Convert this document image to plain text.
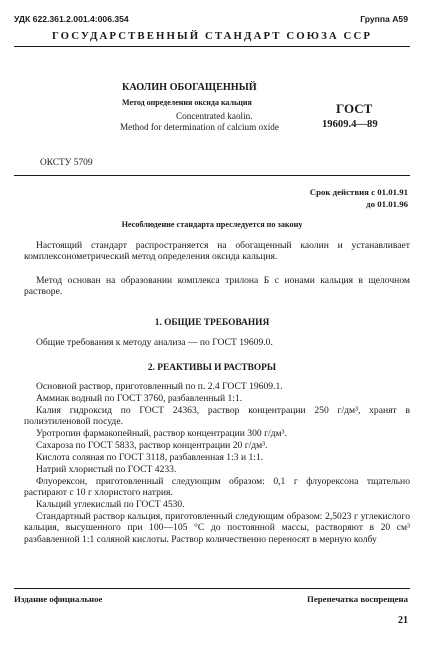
УДК 622.361.2.001.4:006.354	Группа А59
ГОСУДАРСТВЕННЫЙ СТАНДАРТ СОЮЗА ССР
КАОЛИН ОБОГАЩЕННЫЙ
Метод определения оксида кальция
Concentrated kaolin.
Method for determination of calcium oxide
ГОСТ
19609.4—89
ОКСТУ 5709
Срок действия с 01.01.91
до 01.01.96
Несоблюдение стандарта преследуется по закону
Настоящий стандарт распространяется на обогащенный каолин и устанавливает комплексонометрический метод определения оксида кальция.
Метод основан на образовании комплекса трилона Б с ионами кальция в щелочном растворе.
1. ОБЩИЕ ТРЕБОВАНИЯ
Общие требования к методу анализа — по ГОСТ 19609.0.
2. РЕАКТИВЫ И РАСТВОРЫ
Основной раствор, приготовленный по п. 2.4 ГОСТ 19609.1.
Аммиак водный по ГОСТ 3760, разбавленный 1:1.
Калия гидроксид по ГОСТ 24363, раствор концентрации 250 г/дм³, хранят в полиэтиленовой посуде.
Уротропин фармакопейный, раствор концентрации 300 г/дм³.
Сахароза по ГОСТ 5833, раствор концентрации 20 г/дм³.
Кислота соляная по ГОСТ 3118, разбавленная 1:3 и 1:1.
Натрий хлористый по ГОСТ 4233.
Флуорексон, приготовленный следующим образом: 0,1 г флуорексона тщательно растирают с 10 г хлористого натрия.
Кальций углекислый по ГОСТ 4530.
Стандартный раствор кальция, приготовленный следующим образом: 2,5023 г углекислого кальция, высушенного при 100—105 °С до постоянной массы, растворяют в 20 см³ разбавленной 1:1 соляной кислоты. Раствор количественно переносят в мерную колбу
Издание официальное	Перепечатка воспрещена
21
